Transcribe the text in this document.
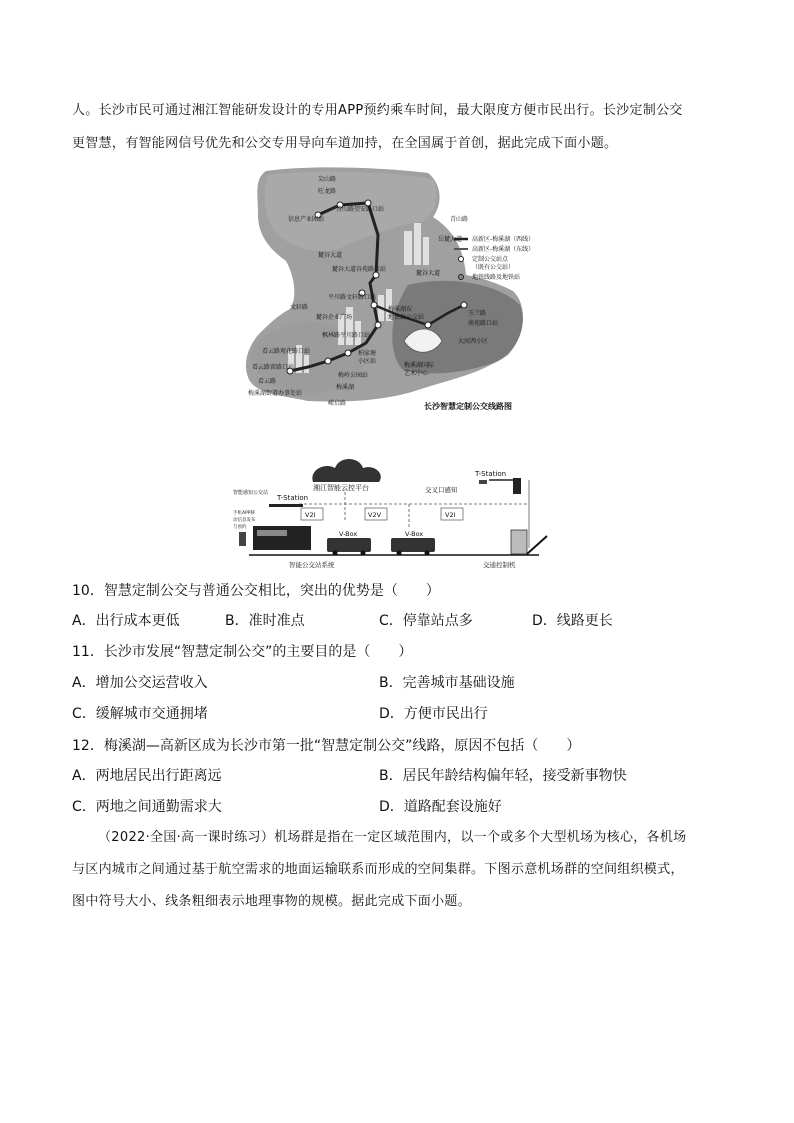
人。长沙市民可通过湘江智能研发设计的专用APP预约乘车时间，最大限度方便市民出行。长沙定制公交
更智慧，有智能网信号优先和公交专用导向车道加持，在全国属于首创，据此完成下面小题。
尖山路
旺龙路
青山路望安路口站
信息产业园站	青山路
岳麓大道
麓谷大道
麓谷大道谷苑路口站
麓谷大道
平川路文轩路口站
文轩路	梅溪湖东
地铁站公交站
玉兰路
南苑路口站
大河西小区
麓谷企业广场
枫林路平川路口站
看云路观花路口站
看云路雷路口站
柏家塘
小区站
梅岭公园站
看云路
梅溪湖
梅溪湖国际
艺术中心
梅溪湖街道办事处站
嵘启路
高新区-梅溪湖（西线）
高新区-梅溪湖（东线）
定制公交站点
（既有公交站）
地铁线路及地铁站
长沙智慧定制公交线路图
湘江智能云控平台
智能感知公交站
T-Station
手机APP移
动信息发布
与预约
V2I	V2V	V2I
V-Box	V-Box
交叉口感知
T-Station
智能公交站系统	交通控制机
10．智慧定制公交与普通公交相比，突出的优势是（　　）
A．出行成本更低	B．准时准点	C．停靠站点多	D．线路更长
11．长沙市发展“智慧定制公交”的主要目的是（　　）
A．增加公交运营收入	B．完善城市基础设施
C．缓解城市交通拥堵	D．方便市民出行
12．梅溪湖—高新区成为长沙市第一批“智慧定制公交”线路，原因不包括（　　）
A．两地居民出行距离远	B．居民年龄结构偏年轻，接受新事物快
C．两地之间通勤需求大	D．道路配套设施好
（2022·全国·高一课时练习）机场群是指在一定区域范围内，以一个或多个大型机场为核心，各机场
与区内城市之间通过基于航空需求的地面运输联系而形成的空间集群。下图示意机场群的空间组织模式，
图中符号大小、线条粗细表示地理事物的规模。据此完成下面小题。
